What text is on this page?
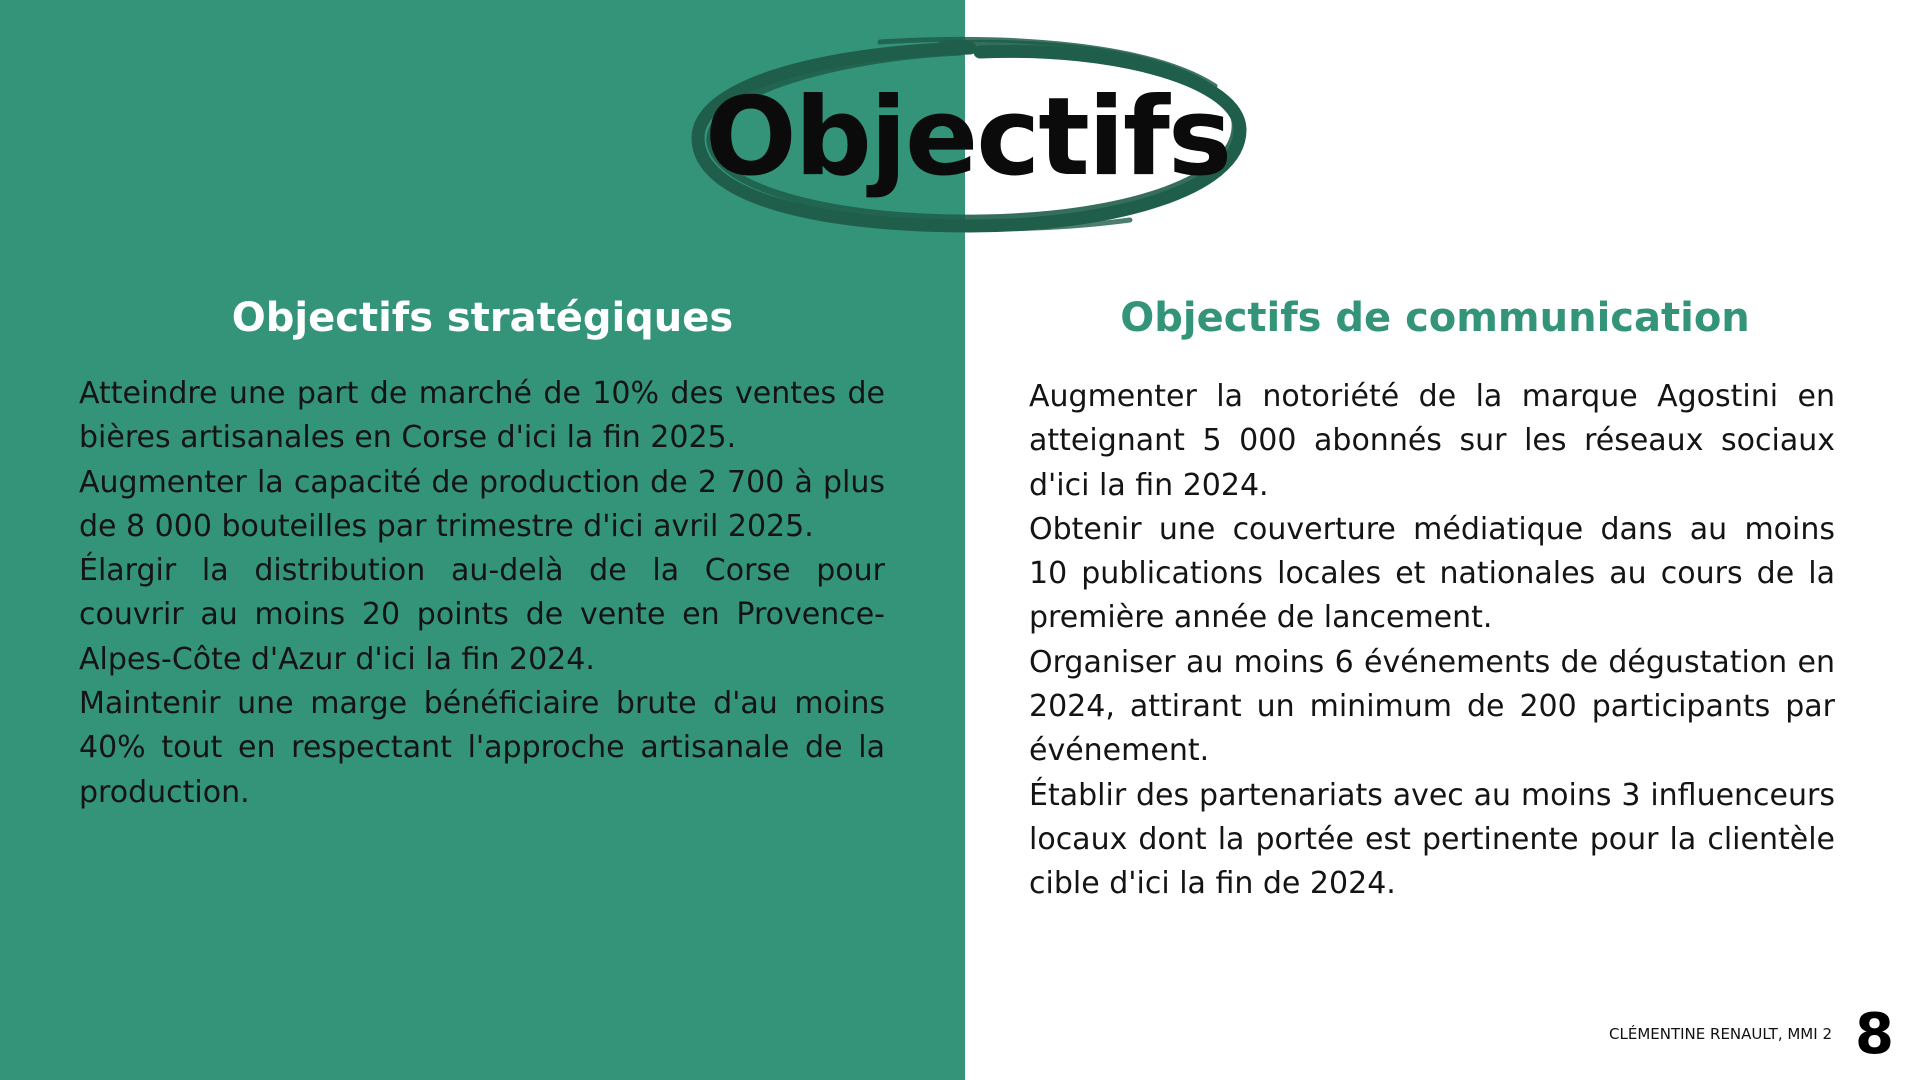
Objectifs
Objectifs stratégiques
Atteindre une part de marché de 10% des ventes de bières artisanales en Corse d'ici la fin 2025.
Augmenter la capacité de production de 2 700 à plus de 8 000 bouteilles par trimestre d'ici avril 2025.
Élargir la distribution au-delà de la Corse pour couvrir au moins 20 points de vente en Provence-Alpes-Côte d'Azur d'ici la fin 2024.
Maintenir une marge bénéficiaire brute d'au moins 40% tout en respectant l'approche artisanale de la production.
Objectifs de communication
Augmenter la notoriété de la marque Agostini en atteignant 5 000 abonnés sur les réseaux sociaux d'ici la fin 2024.
Obtenir une couverture médiatique dans au moins 10 publications locales et nationales au cours de la première année de lancement.
Organiser au moins 6 événements de dégustation en 2024, attirant un minimum de 200 participants par événement.
Établir des partenariats avec au moins 3 influenceurs locaux dont la portée est pertinente pour la clientèle cible d'ici la fin de 2024.

CLÉMENTINE RENAULT, MMI 2 8
